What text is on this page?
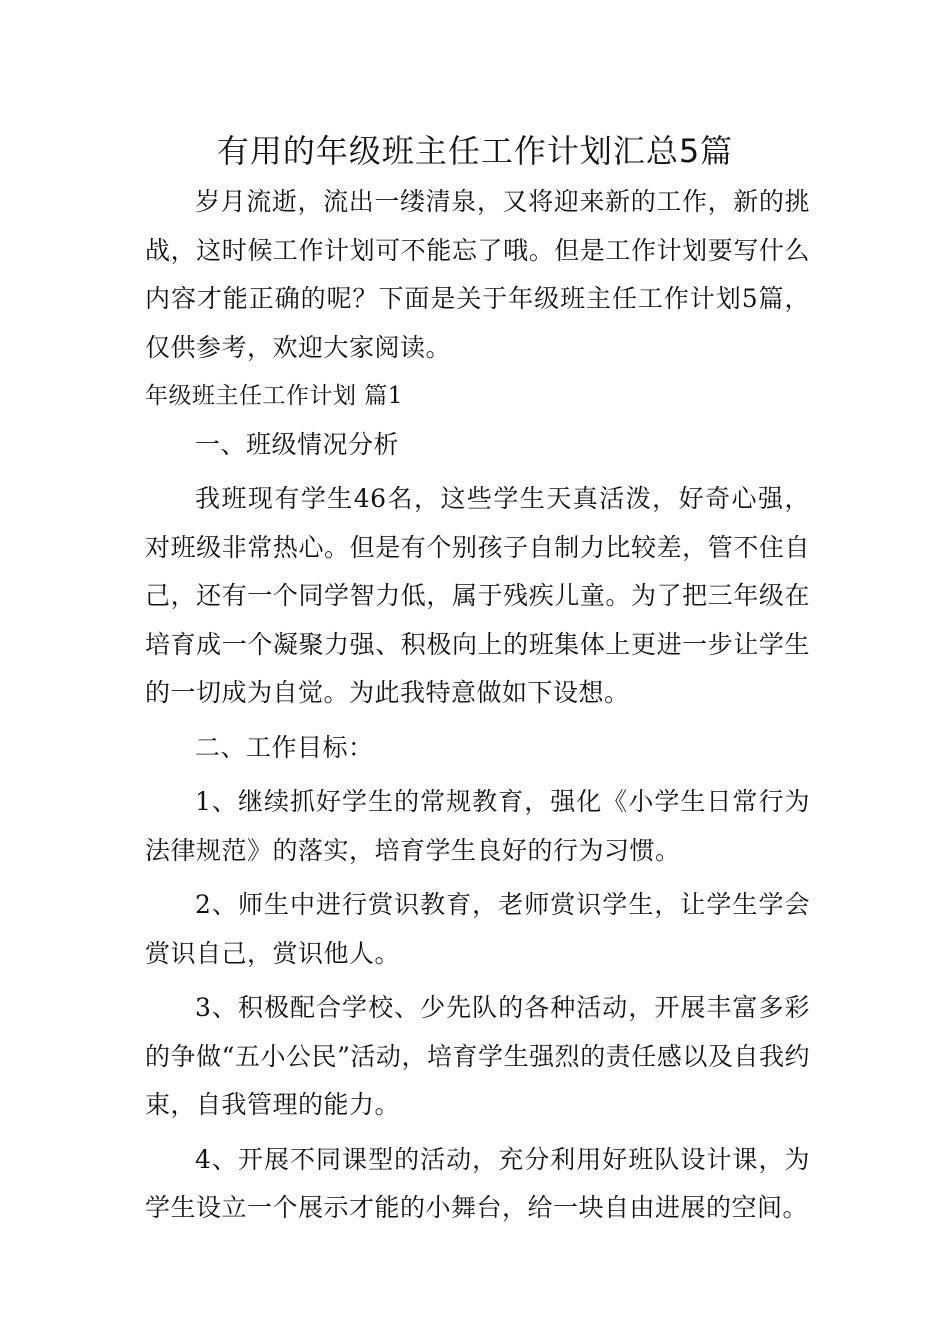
有用的年级班主任工作计划汇总5篇

岁月流逝，流出一缕清泉，又将迎来新的工作，新的挑战，这时候工作计划可不能忘了哦。但是工作计划要写什么内容才能正确的呢？下面是关于年级班主任工作计划5篇，仅供参考，欢迎大家阅读。

年级班主任工作计划 篇1

一、班级情况分析

我班现有学生46名，这些学生天真活泼，好奇心强，对班级非常热心。但是有个别孩子自制力比较差，管不住自己，还有一个同学智力低，属于残疾儿童。为了把三年级在培育成一个凝聚力强、积极向上的班集体上更进一步让学生的一切成为自觉。为此我特意做如下设想。

二、工作目标：

1、继续抓好学生的常规教育，强化《小学生日常行为法律规范》的落实，培育学生良好的行为习惯。

2、师生中进行赏识教育，老师赏识学生，让学生学会赏识自己，赏识他人。

3、积极配合学校、少先队的各种活动，开展丰富多彩的争做“五小公民”活动，培育学生强烈的责任感以及自我约束，自我管理的能力。

4、开展不同课型的活动，充分利用好班队设计课，为学生设立一个展示才能的小舞台，给一块自由进展的空间。
